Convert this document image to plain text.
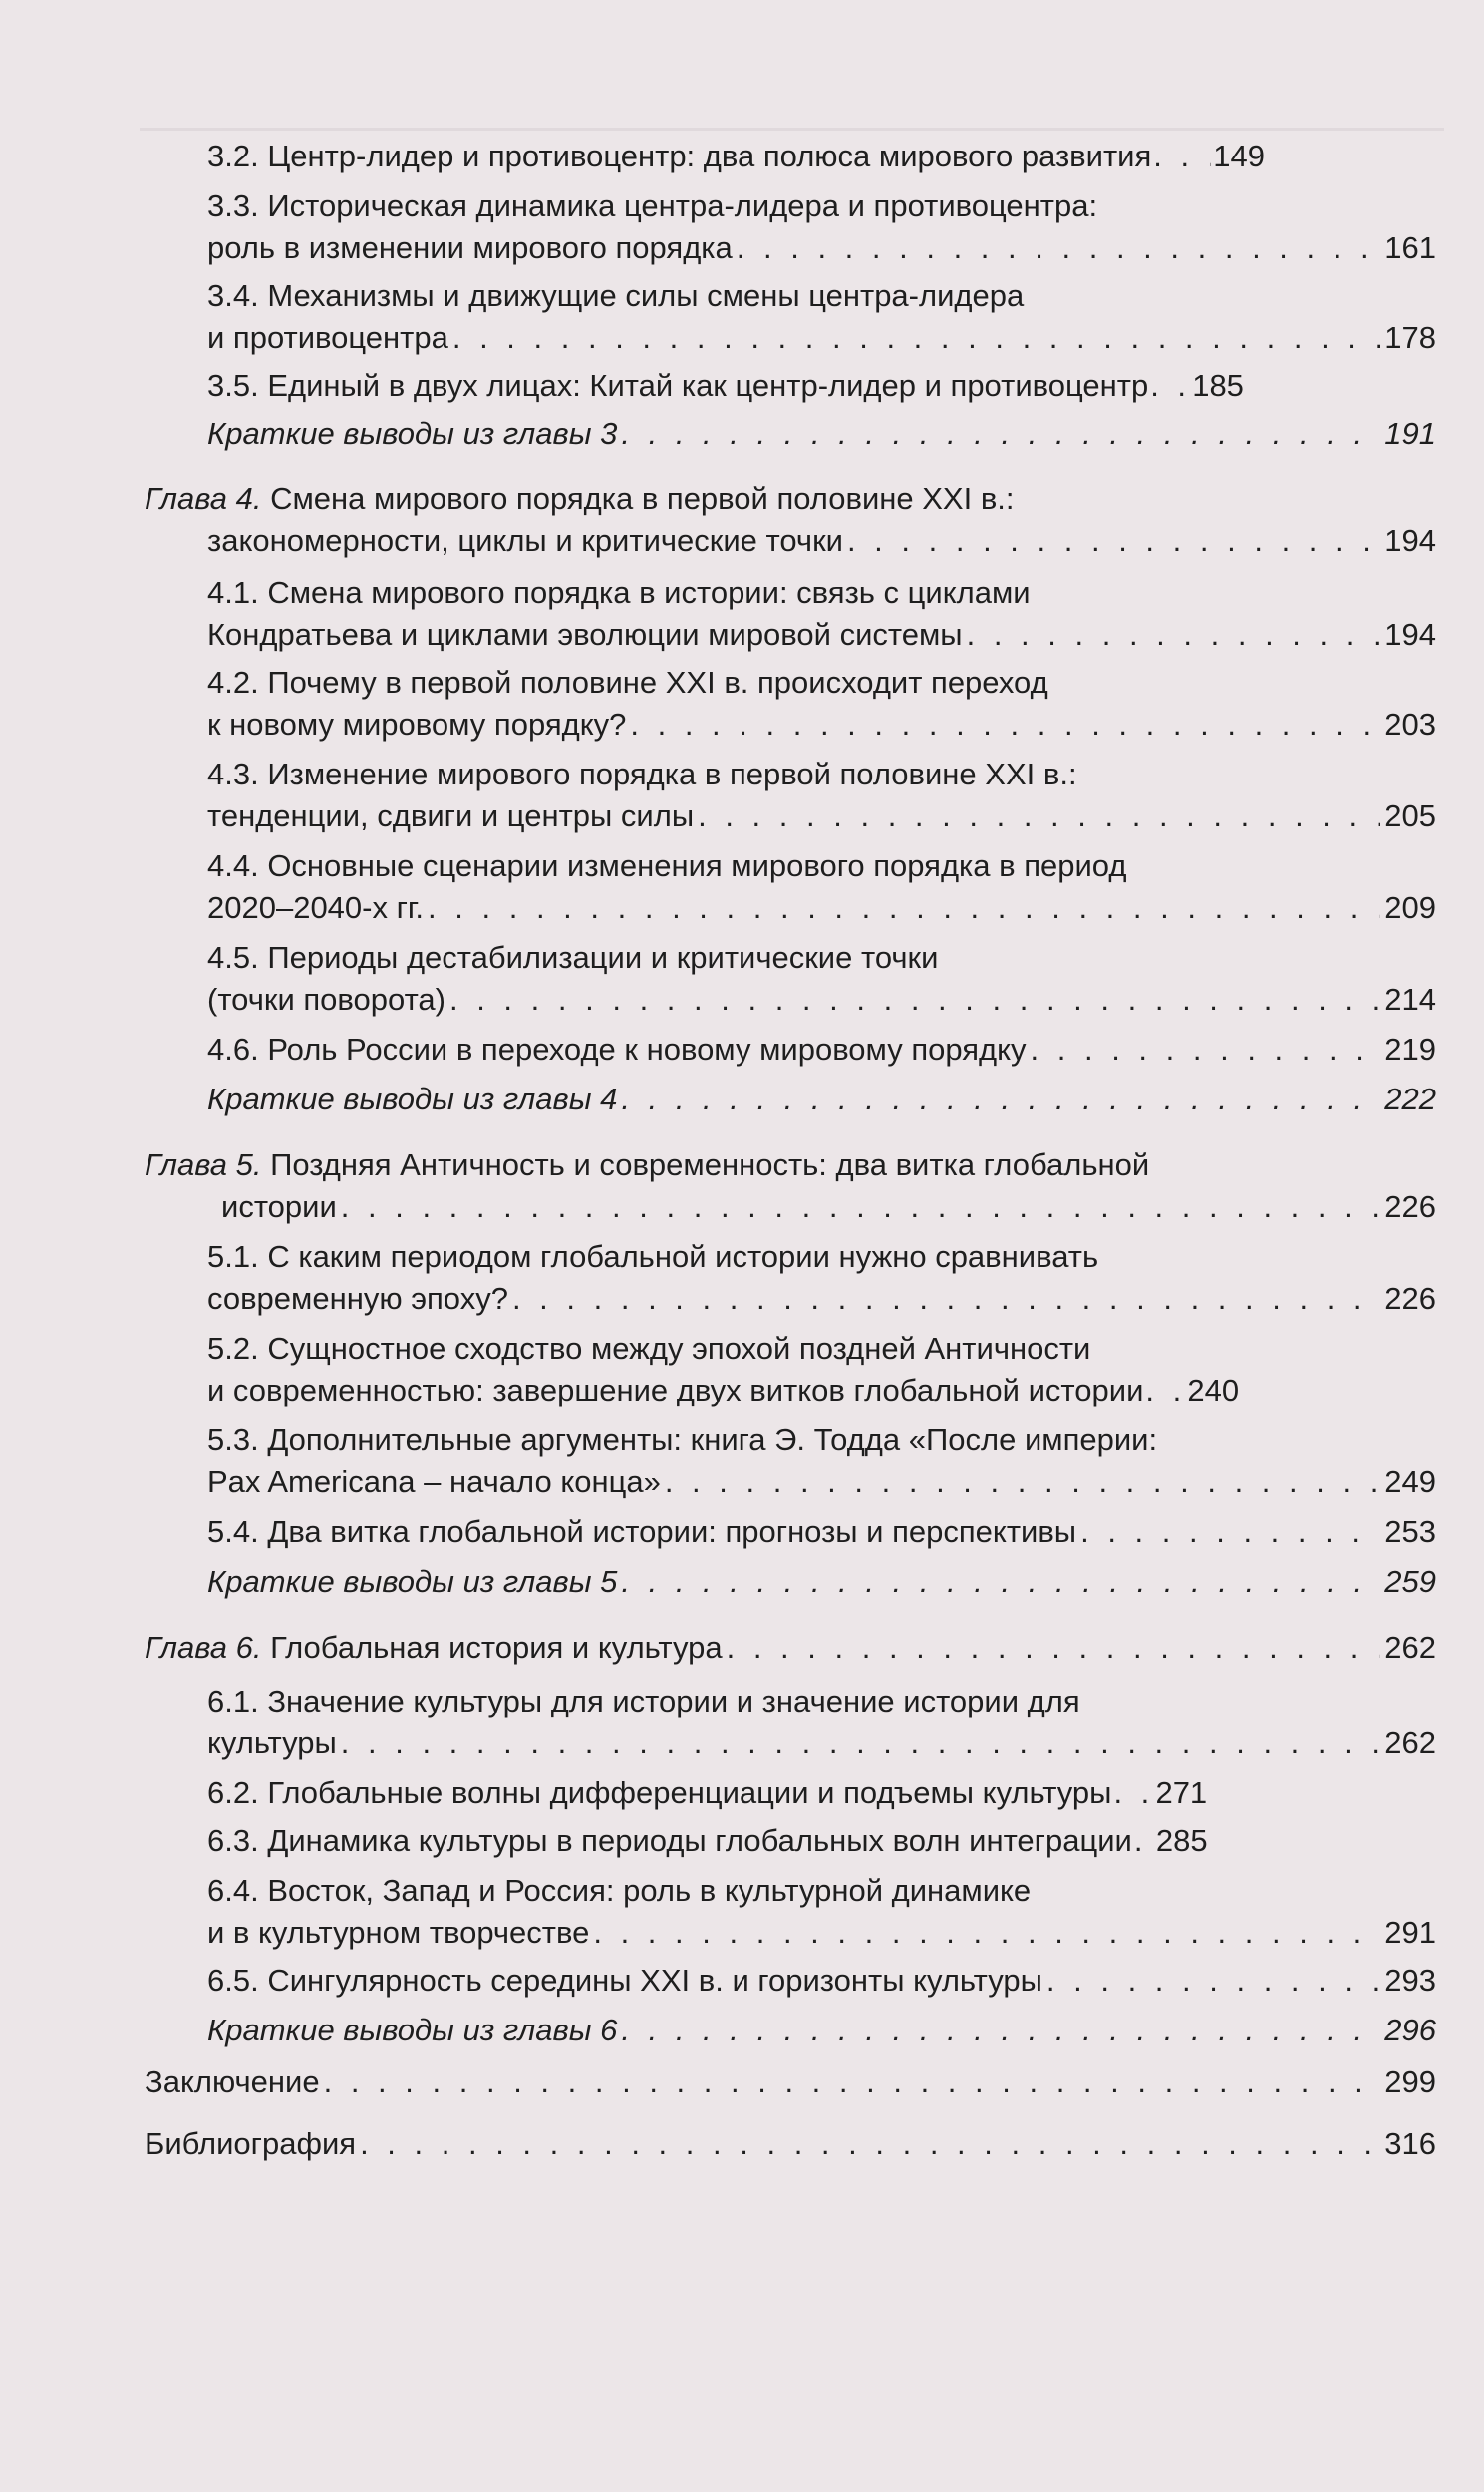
3.2. Центр-лидер и противоцентр: два полюса мирового развития . . . 149
3.3. Историческая динамика центра-лидера и противоцентра:
роль в изменении мирового порядка . . .	161
3.4. Механизмы и движущие силы смены центра-лидера
и противоцентра . . .	178
3.5. Единый в двух лицах: Китай как центр-лидер и противоцентр . . . 185
Краткие выводы из главы 3 . . .	191
Глава 4. Смена мирового порядка в первой половине XXI в.:
закономерности, циклы и критические точки . . .	194
4.1. Смена мирового порядка в истории: связь с циклами
Кондратьева и циклами эволюции мировой системы . . .	194
4.2. Почему в первой половине XXI в. происходит переход
к новому мировому порядку? . . .	203
4.3. Изменение мирового порядка в первой половине XXI в.:
тенденции, сдвиги и центры силы . . .	205
4.4. Основные сценарии изменения мирового порядка в период
2020–2040-х гг. . . .	209
4.5. Периоды дестабилизации и критические точки
(точки поворота) . . .	214
4.6. Роль России в переходе к новому мировому порядку . . .	219
Краткие выводы из главы 4 . . .	222
Глава 5. Поздняя Античность и современность: два витка глобальной
истории . . .	226
5.1. С каким периодом глобальной истории нужно сравнивать
современную эпоху? . . .	226
5.2. Сущностное сходство между эпохой поздней Античности
и современностью: завершение двух витков глобальной истории . . . 240
5.3. Дополнительные аргументы: книга Э. Тодда «После империи:
Pax Americana – начало конца» . . .	249
5.4. Два витка глобальной истории: прогнозы и перспективы . . .	253
Краткие выводы из главы 5 . . .	259
Глава 6. Глобальная история и культура . . .	262
6.1. Значение культуры для истории и значение истории для
культуры . . .	262
6.2. Глобальные волны дифференциации и подъемы культуры . . . 271
6.3. Динамика культуры в периоды глобальных волн интеграции . . . 285
6.4. Восток, Запад и Россия: роль в культурной динамике
и в культурном творчестве . . .	291
6.5. Сингулярность середины XXI в. и горизонты культуры . . .	293
Краткие выводы из главы 6 . . .	296
Заключение . . .	299
Библиография . . .	316
